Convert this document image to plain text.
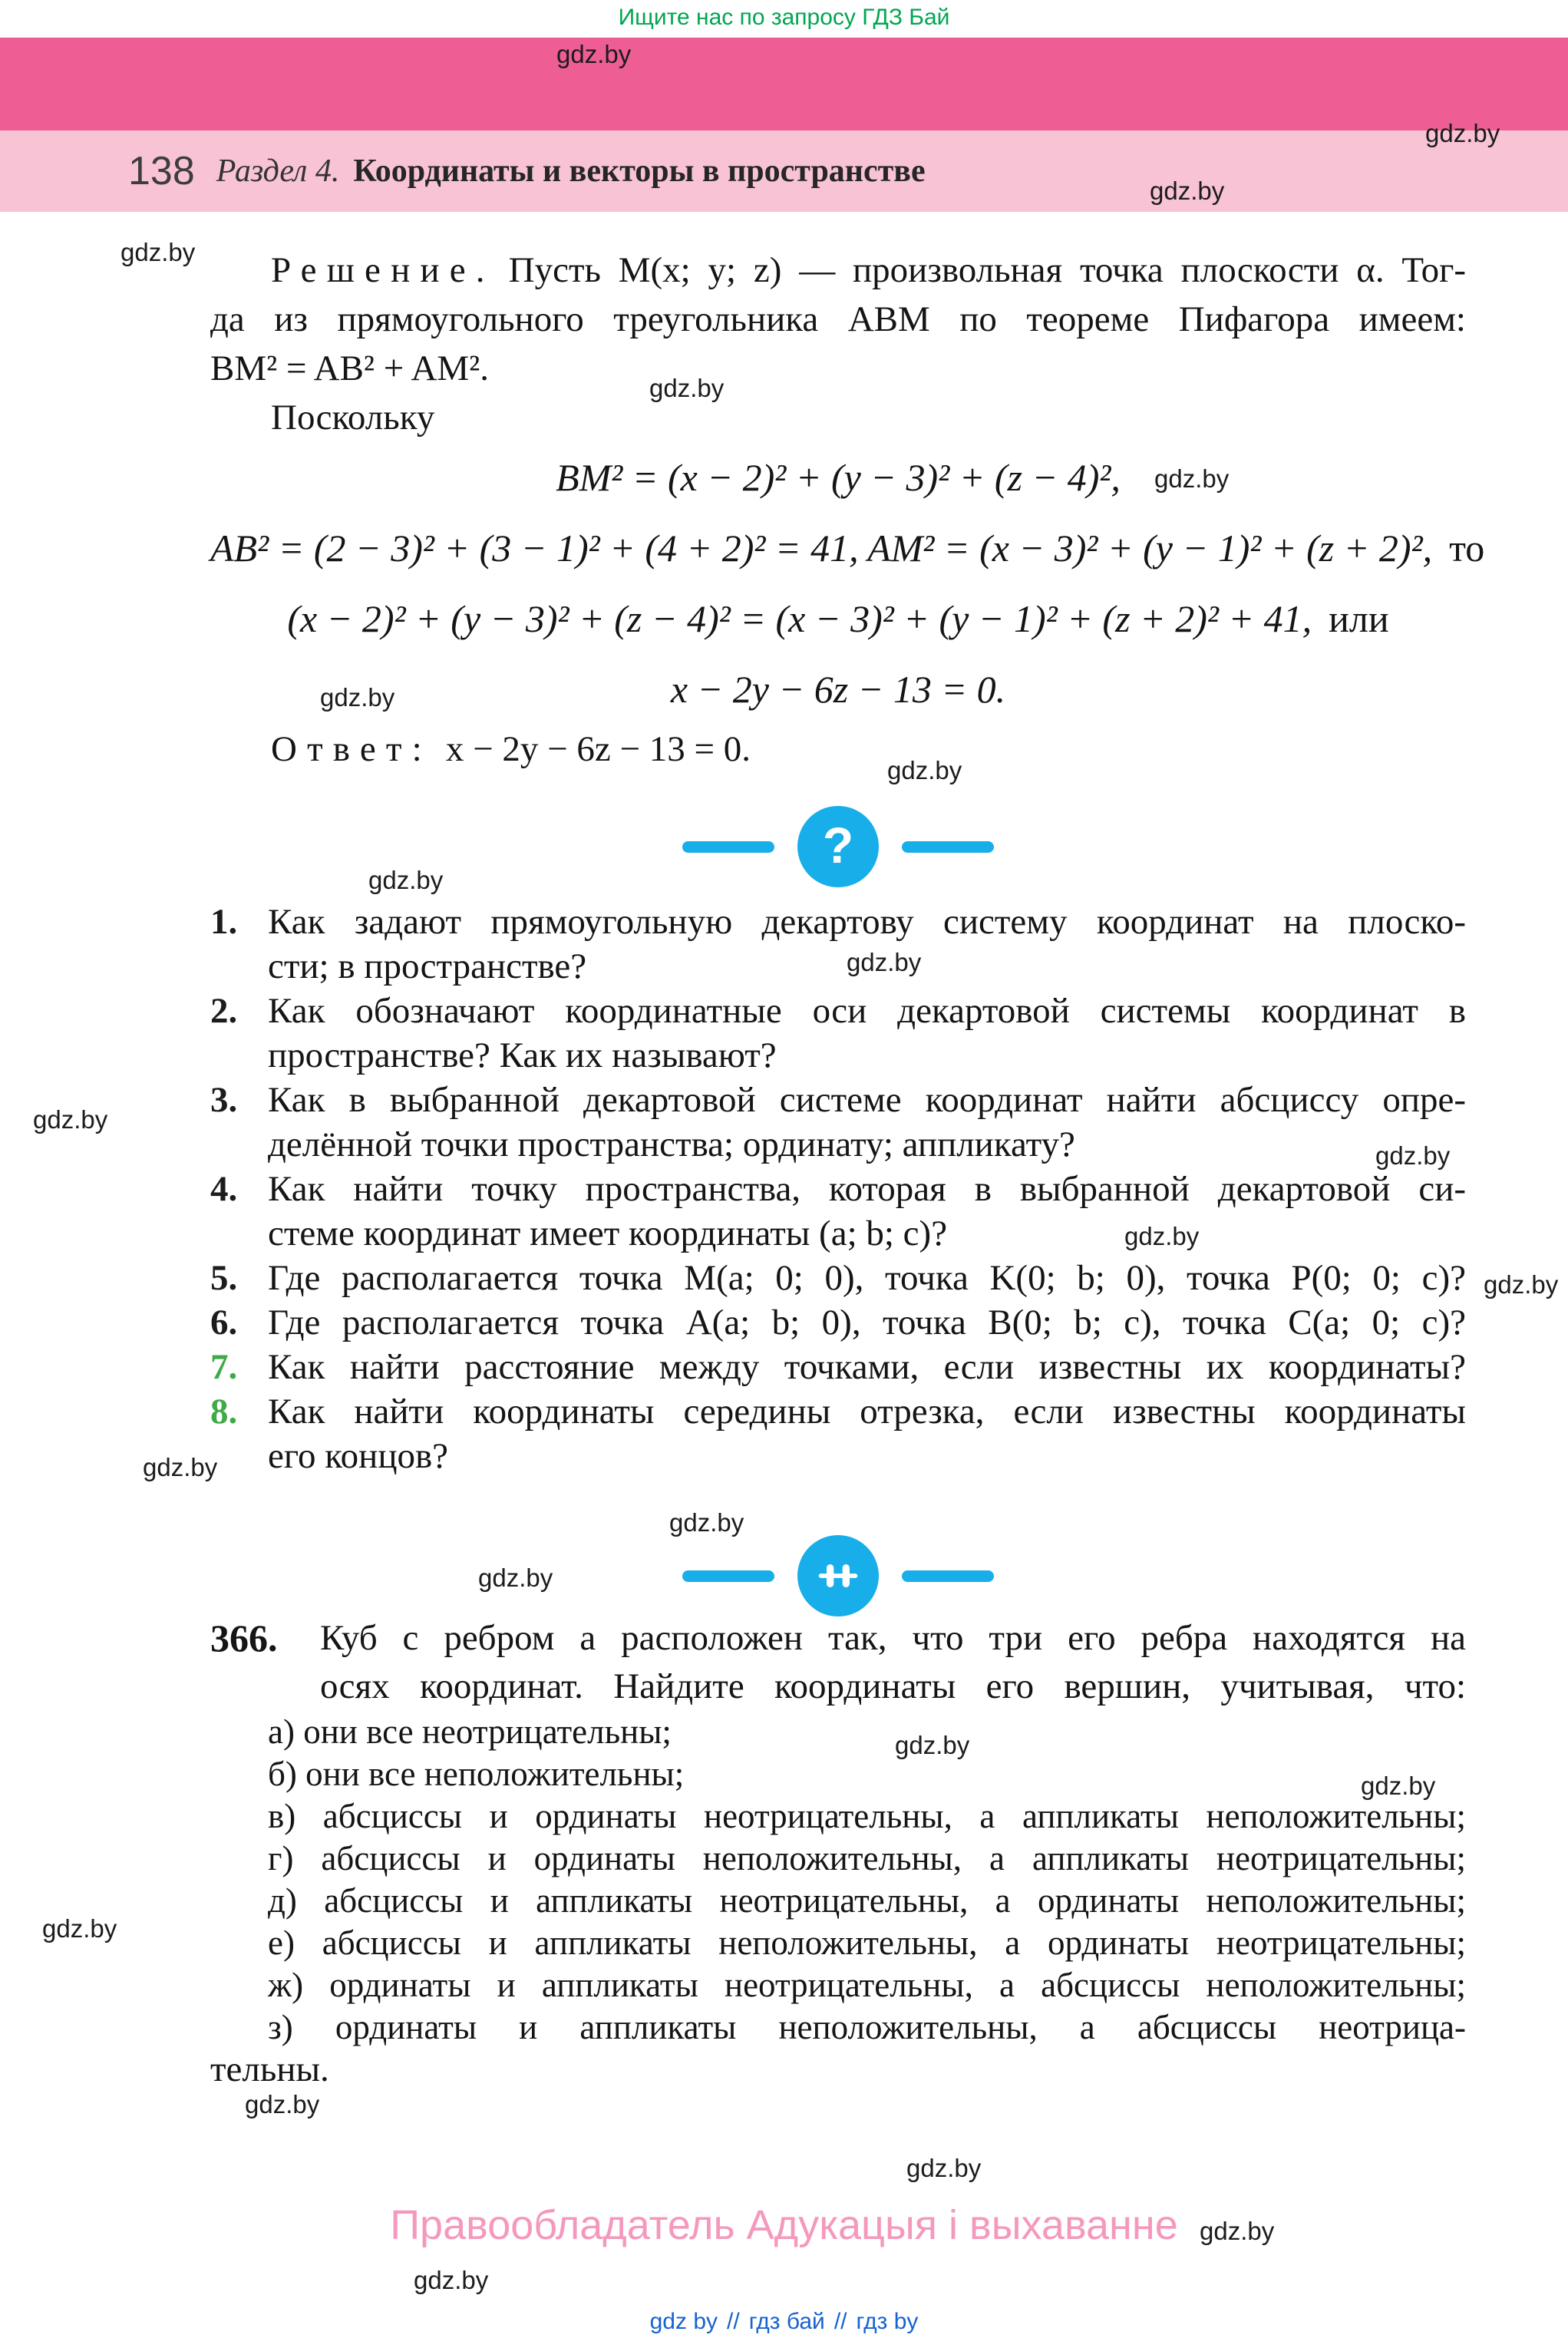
Ищите нас по запросу ГДЗ Бай
138 Раздел 4. Координаты и векторы в пространстве
gdz.by
gdz.by
gdz.by
gdz.by
gdz.by
gdz.by
gdz.by
gdz.by
gdz.by
gdz.by
gdz.by
gdz.by
gdz.by
gdz.by
gdz.by
gdz.by
gdz.by
gdz.by
gdz.by
gdz.by
gdz.by
gdz.by
gdz.by
gdz.by
Решение. Пусть M(x; y; z) — произвольная точка плоскости α. Тог-
да из прямоугольного треугольника ABM по теореме Пифагора имеем:
BM² = AB² + AM².
Поскольку
BM² = (x − 2)² + (y − 3)² + (z − 4)²,
AB² = (2 − 3)² + (3 − 1)² + (4 + 2)² = 41, AM² = (x − 3)² + (y − 1)² + (z + 2)², то
(x − 2)² + (y − 3)² + (z − 4)² = (x − 3)² + (y − 1)² + (z + 2)² + 41, или
x − 2y − 6z − 13 = 0.
Ответ: x − 2y − 6z − 13 = 0.
?
1. Как задают прямоугольную декартову систему координат на плоско-
сти; в пространстве?
2. Как обозначают координатные оси декартовой системы координат в
пространстве? Как их называют?
3. Как в выбранной декартовой системе координат найти абсциссу опре-
делённой точки пространства; ординату; аппликату?
4. Как найти точку пространства, которая в выбранной декартовой си-
стеме координат имеет координаты (a; b; c)?
5. Где располагается точка M(a; 0; 0), точка K(0; b; 0), точка P(0; 0; c)?
6. Где располагается точка A(a; b; 0), точка B(0; b; c), точка C(a; 0; c)?
7. Как найти расстояние между точками, если известны их координаты?
8. Как найти координаты середины отрезка, если известны координаты
его концов?
366. Куб с ребром a расположен так, что три его ребра находятся на
осях координат. Найдите координаты его вершин, учитывая, что:
а) они все неотрицательны;
б) они все неположительны;
в) абсциссы и ординаты неотрицательны, а аппликаты неположительны;
г) абсциссы и ординаты неположительны, а аппликаты неотрицательны;
д) абсциссы и аппликаты неотрицательны, а ординаты неположительны;
е) абсциссы и аппликаты неположительны, а ординаты неотрицательны;
ж) ординаты и аппликаты неотрицательны, а абсциссы неположительны;
з) ординаты и аппликаты неположительны, а абсциссы неотрица-
тельны.
Правообладатель Адукацыя і выхаванне
gdz by // гдз бай // гдз by
